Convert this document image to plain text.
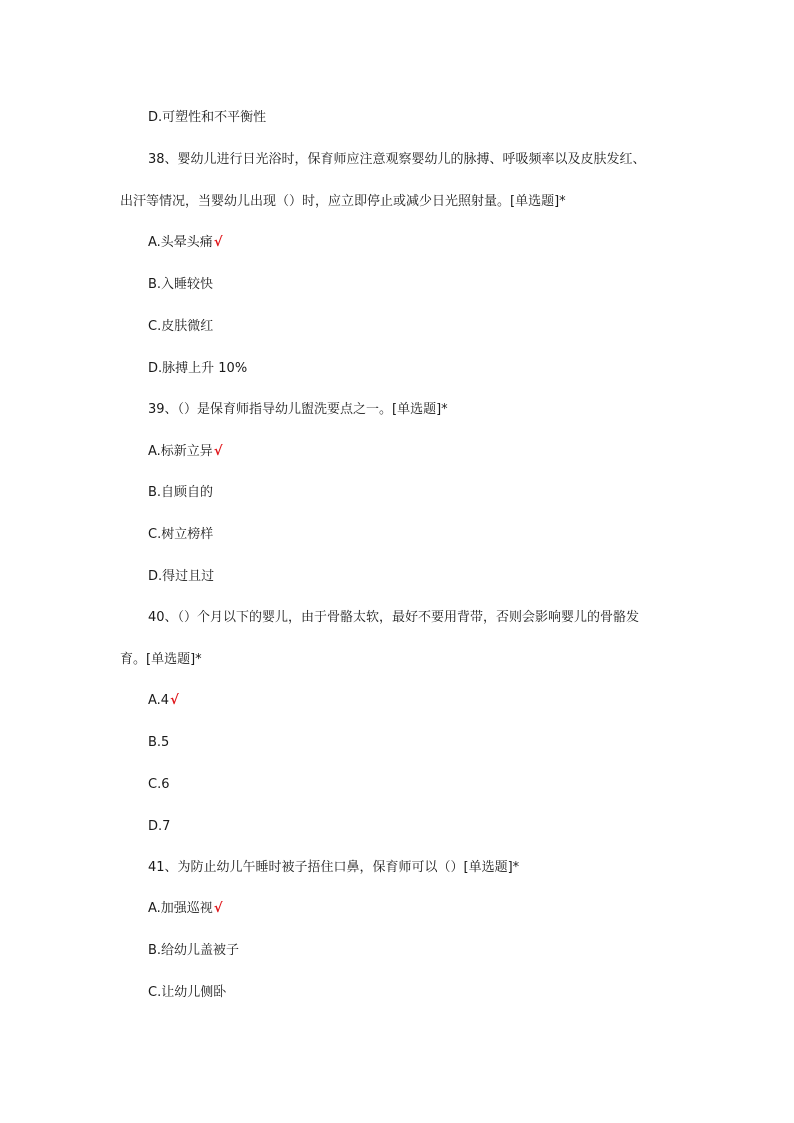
D.可塑性和不平衡性
38、婴幼儿进行日光浴时，保育师应注意观察婴幼儿的脉搏、呼吸频率以及皮肤发红、
出汗等情况，当婴幼儿出现（）时，应立即停止或减少日光照射量。[单选题]*
A.头晕头痛√
B.入睡较快
C.皮肤微红
D.脉搏上升 10%
39、（）是保育师指导幼儿盥洗要点之一。[单选题]*
A.标新立异√
B.自顾自的
C.树立榜样
D.得过且过
40、（）个月以下的婴儿，由于骨骼太软，最好不要用背带，否则会影响婴儿的骨骼发
育。[单选题]*
A.4√
B.5
C.6
D.7
41、为防止幼儿午睡时被子捂住口鼻，保育师可以（）[单选题]*
A.加强巡视√
B.给幼儿盖被子
C.让幼儿侧卧
